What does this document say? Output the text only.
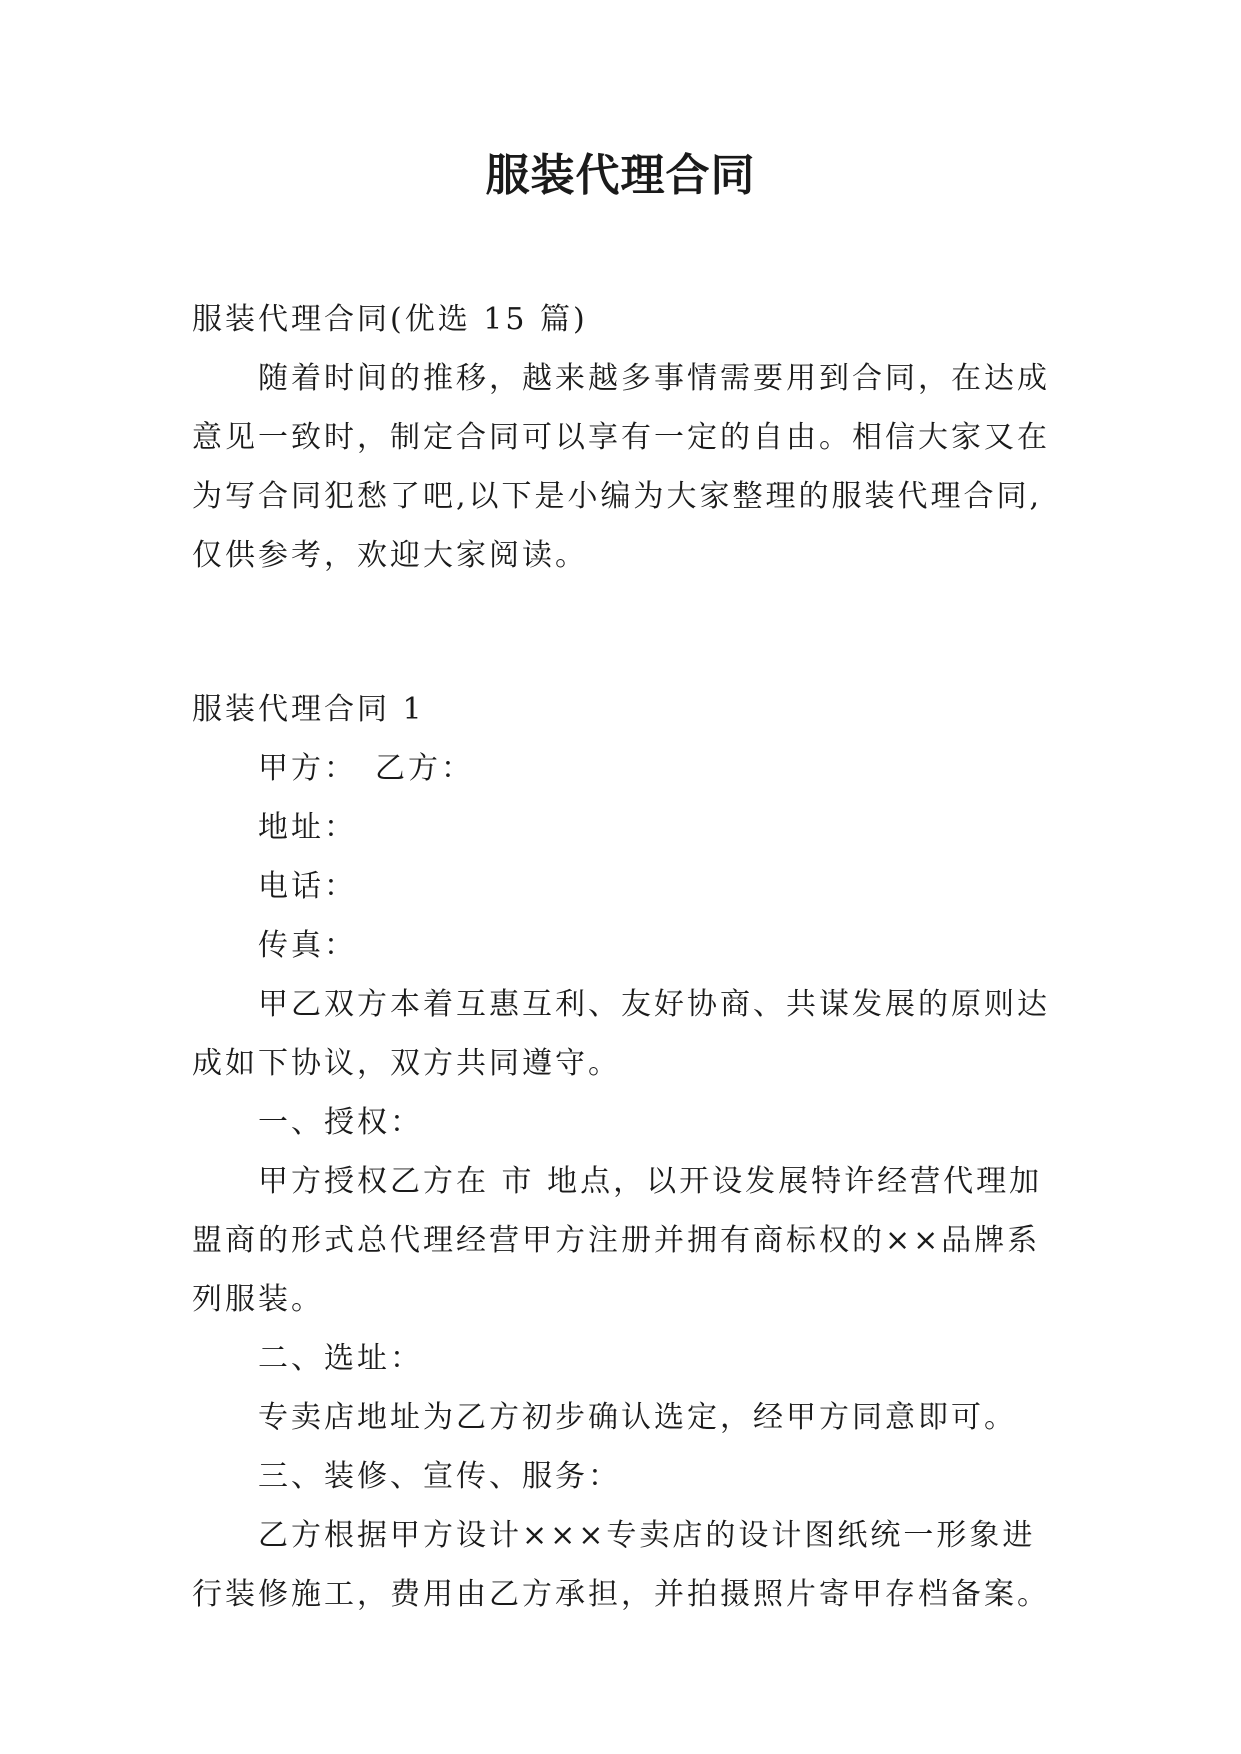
服装代理合同

服装代理合同(优选 15 篇)

随着时间的推移，越来越多事情需要用到合同，在达成意见一致时，制定合同可以享有一定的自由。相信大家又在为写合同犯愁了吧,以下是小编为大家整理的服装代理合同,仅供参考，欢迎大家阅读。

服装代理合同 1

甲方：　乙方：

地址：

电话：

传真：

甲乙双方本着互惠互利、友好协商、共谋发展的原则达成如下协议，双方共同遵守。

一、授权：

甲方授权乙方在 市 地点，以开设发展特许经营代理加盟商的形式总代理经营甲方注册并拥有商标权的××品牌系列服装。

二、选址：

专卖店地址为乙方初步确认选定，经甲方同意即可。

三、装修、宣传、服务：

乙方根据甲方设计×××专卖店的设计图纸统一形象进行装修施工，费用由乙方承担，并拍摄照片寄甲存档备案。
